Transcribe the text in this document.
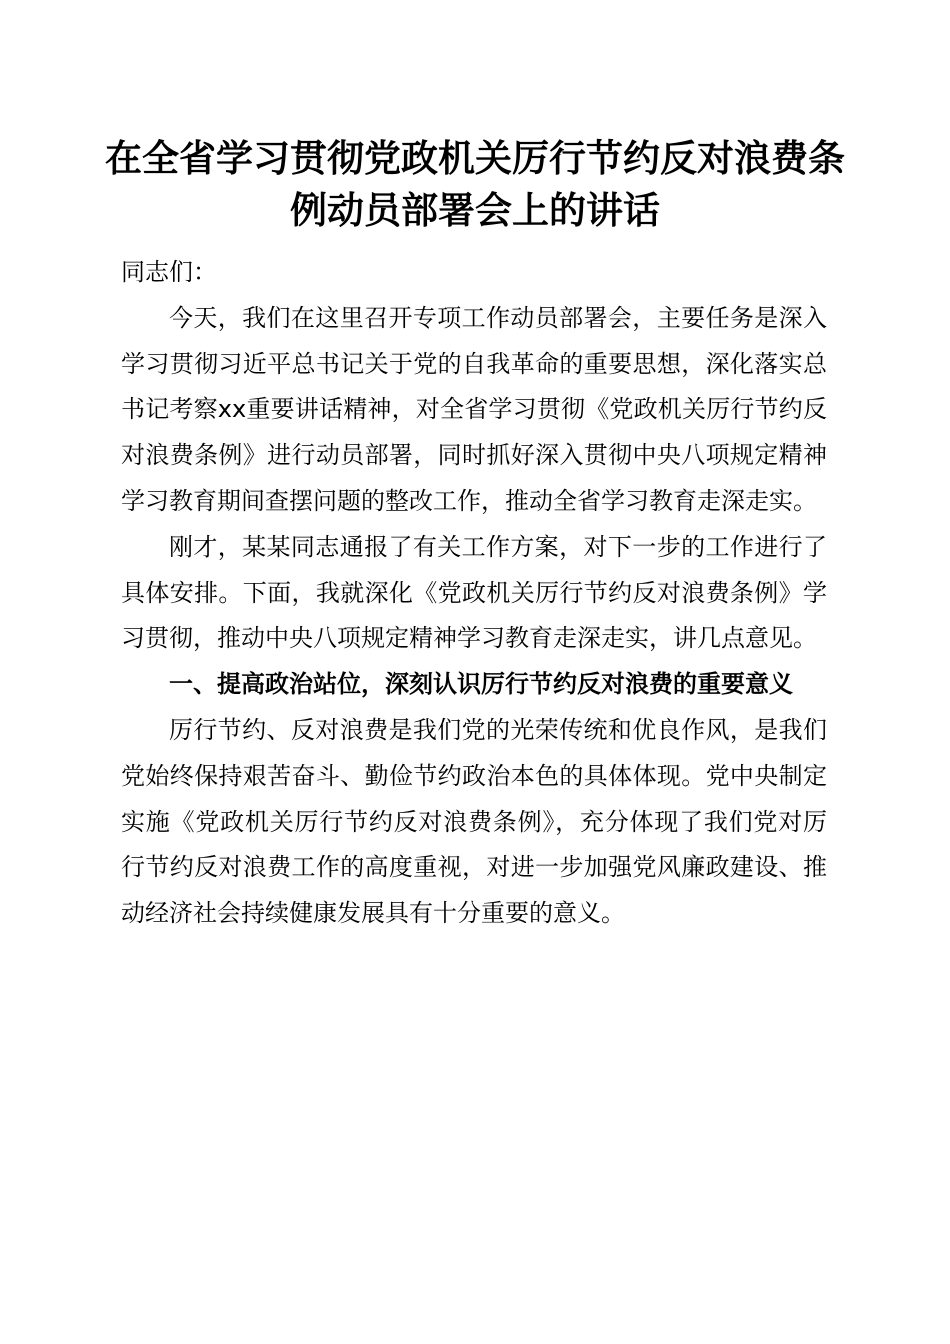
在全省学习贯彻党政机关厉行节约反对浪费条
例动员部署会上的讲话

同志们：

今天，我们在这里召开专项工作动员部署会，主要任务是深入学习贯彻习近平总书记关于党的自我革命的重要思想，深化落实总书记考察xx重要讲话精神，对全省学习贯彻《党政机关厉行节约反对浪费条例》进行动员部署，同时抓好深入贯彻中央八项规定精神学习教育期间查摆问题的整改工作，推动全省学习教育走深走实。

刚才，某某同志通报了有关工作方案，对下一步的工作进行了具体安排。下面，我就深化《党政机关厉行节约反对浪费条例》学习贯彻，推动中央八项规定精神学习教育走深走实，讲几点意见。

一、提高政治站位，深刻认识厉行节约反对浪费的重要意义

厉行节约、反对浪费是我们党的光荣传统和优良作风，是我们党始终保持艰苦奋斗、勤俭节约政治本色的具体体现。党中央制定实施《党政机关厉行节约反对浪费条例》，充分体现了我们党对厉行节约反对浪费工作的高度重视，对进一步加强党风廉政建设、推动经济社会持续健康发展具有十分重要的意义。
